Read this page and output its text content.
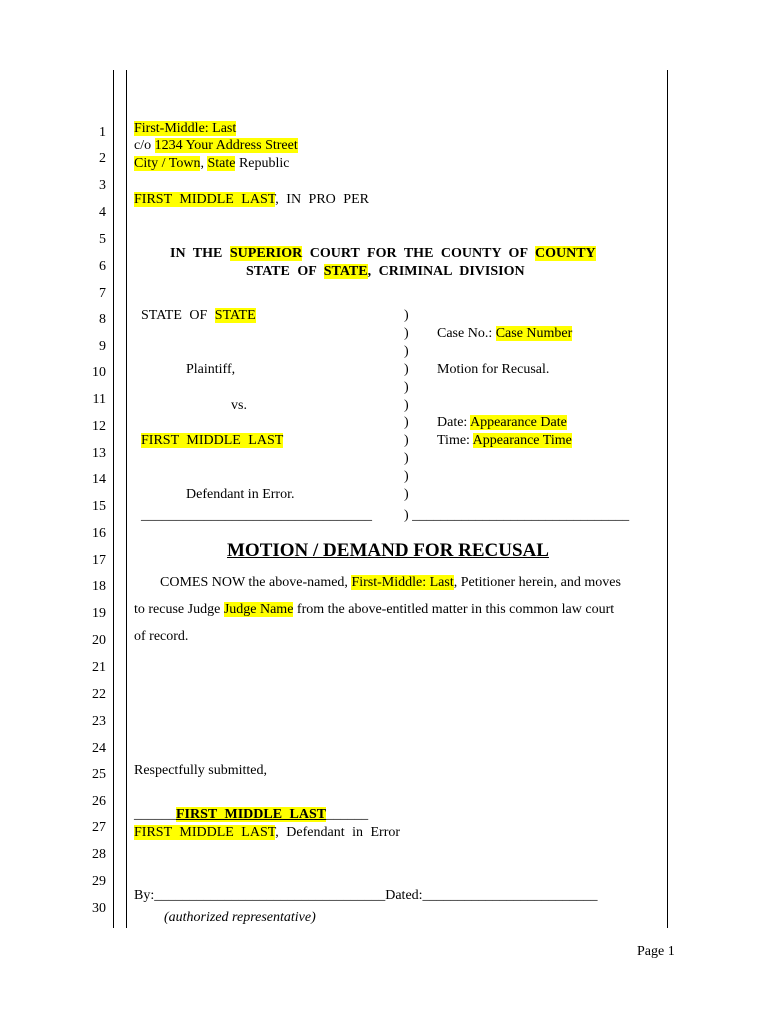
1
2
3
4
5
6
7
8
9
10
11
12
13
14
15
16
17
18
19
20
21
22
23
24
25
26
27
28
29
30
First-Middle: Last
c/o 1234 Your Address Street
City / Town, State Republic
FIRST MIDDLE LAST, IN PRO PER
IN THE SUPERIOR COURT FOR THE COUNTY OF COUNTY
STATE OF STATE, CRIMINAL DIVISION
STATE OF STATE
Plaintiff,
vs.
FIRST MIDDLE LAST
Defendant in Error.
_________________________________
)
)
)
)
)
)
)
)
)
)
)
) _______________________________
Case No.: Case Number
Motion for Recusal.
Date: Appearance Date
Time: Appearance Time
MOTION / DEMAND FOR RECUSAL
COMES NOW the above-named, First-Middle: Last, Petitioner herein, and moves
to recuse Judge Judge Name from the above-entitled matter in this common law court
of record.
Respectfully submitted,
______FIRST MIDDLE LAST______
FIRST MIDDLE LAST, Defendant in Error
By:_________________________________Dated:_________________________
(authorized representative)
Page 1
